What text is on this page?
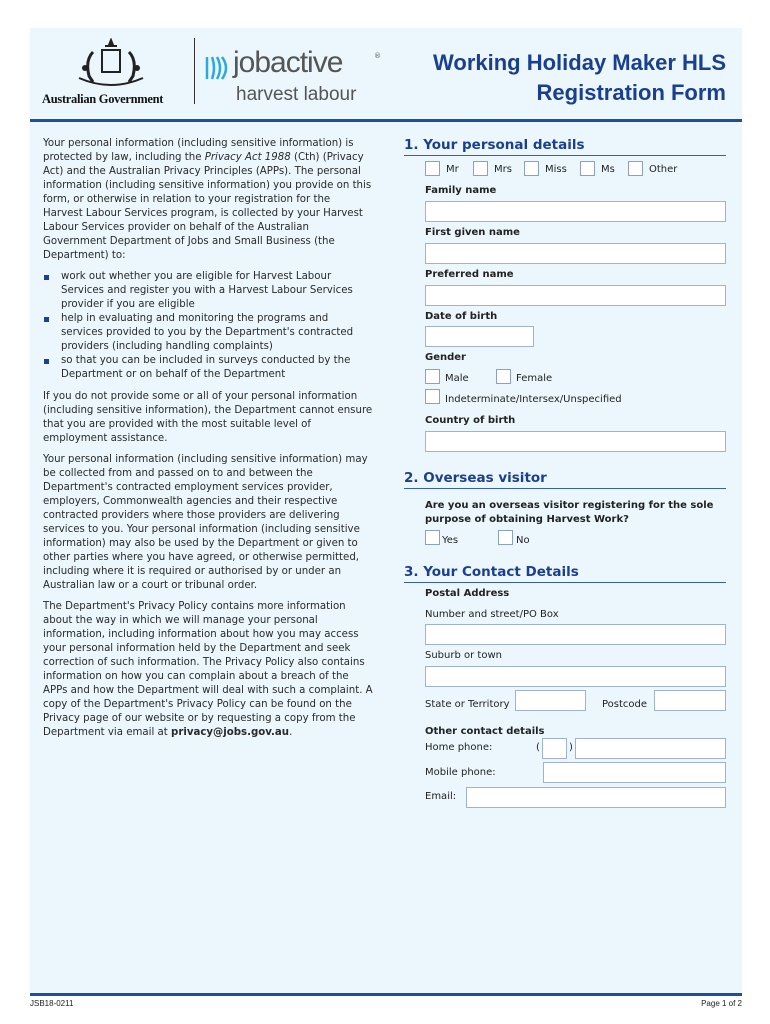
Australian Government
jobactive	®
harvest labour
Working Holiday Maker HLS
Registration Form

Your personal information (including sensitive information) is protected by law, including the Privacy Act 1988 (Cth) (Privacy Act) and the Australian Privacy Principles (APPs). The personal information (including sensitive information) you provide on this form, or otherwise in relation to your registration for the Harvest Labour Services program, is collected by your Harvest Labour Services provider on behalf of the Australian Government Department of Jobs and Small Business (the Department) to:

work out whether you are eligible for Harvest Labour Services and register you with a Harvest Labour Services provider if you are eligible
help in evaluating and monitoring the programs and services provided to you by the Department's contracted providers (including handling complaints)
so that you can be included in surveys conducted by the Department or on behalf of the Department

If you do not provide some or all of your personal information (including sensitive information), the Department cannot ensure that you are provided with the most suitable level of employment assistance.

Your personal information (including sensitive information) may be collected from and passed on to and between the Department's contracted employment services provider, employers, Commonwealth agencies and their respective contracted providers where those providers are delivering services to you. Your personal information (including sensitive information) may also be used by the Department or given to other parties where you have agreed, or otherwise permitted, including where it is required or authorised by or under an Australian law or a court or tribunal order.

The Department's Privacy Policy contains more information about the way in which we will manage your personal information, including information about how you may access your personal information held by the Department and seek correction of such information. The Privacy Policy also contains information on how you can complain about a breach of the APPs and how the Department will deal with such a complaint. A copy of the Department's Privacy Policy can be found on the Privacy page of our website or by requesting a copy from the Department via email at privacy@jobs.gov.au.

1. Your personal details
Mr	Mrs	Miss	Ms	Other
Family name
First given name
Preferred name
Date of birth
Gender
Male	Female
Indeterminate/Intersex/Unspecified
Country of birth
2. Overseas visitor
Are you an overseas visitor registering for the sole
purpose of obtaining Harvest Work?
Yes	No
3. Your Contact Details
Postal Address
Number and street/PO Box
Suburb or town
State or Territory	Postcode
Other contact details
Home phone:	(	)
Mobile phone:
Email:
JSB18-0211	Page 1 of 2
